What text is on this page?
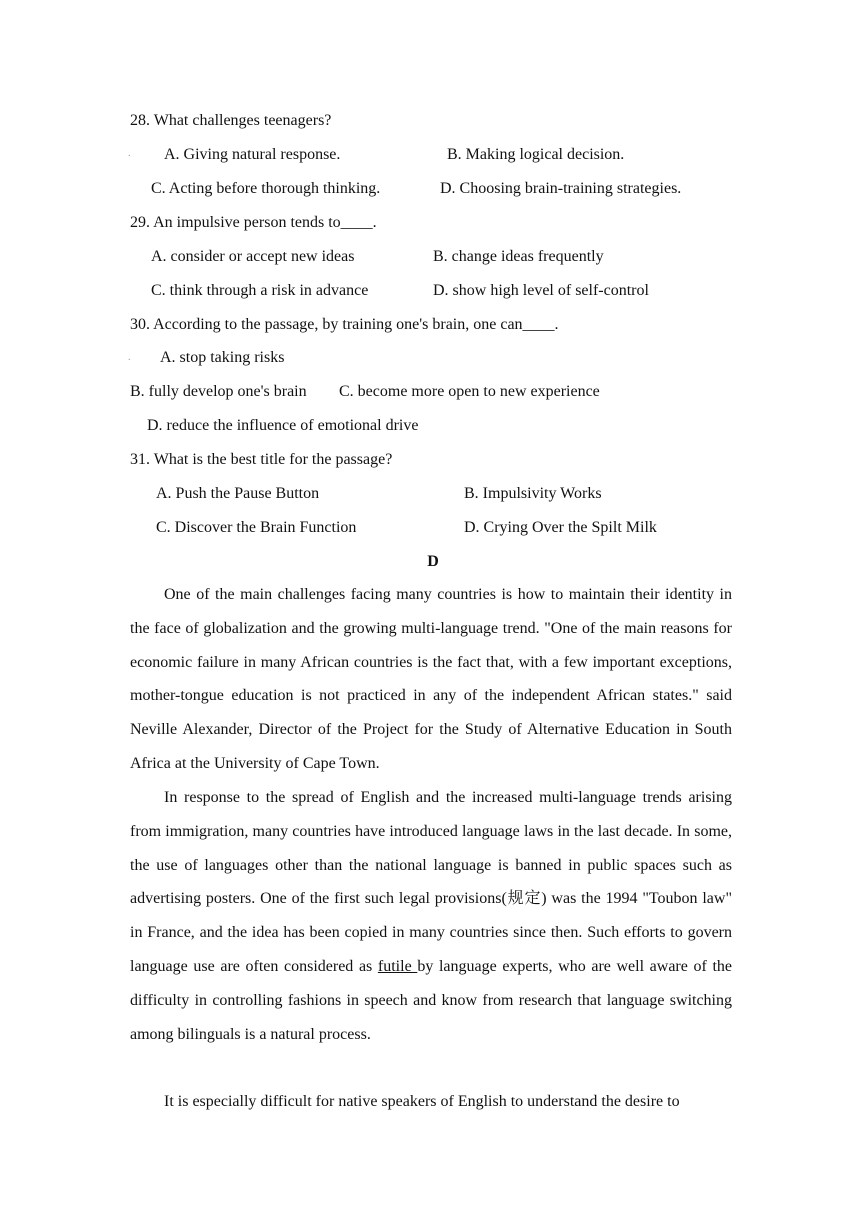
28. What challenges teenagers?
. A. Giving natural response.	B. Making logical decision.
C. Acting before thorough thinking.	D. Choosing brain-training strategies.
29. An impulsive person tends to____.
A. consider or accept new ideas	B. change ideas frequently
C. think through a risk in advance	D. show high level of self-control
30. According to the passage, by training one's brain, one can____.
. A. stop taking risks
B. fully develop one's brain C. become more open to new experience
D. reduce the influence of emotional drive
31. What is the best title for the passage?
A. Push the Pause Button	B. Impulsivity Works
C. Discover the Brain Function	D. Crying Over the Spilt Milk
D
One of the main challenges facing many countries is how to maintain their identity in the face of globalization and the growing multi-language trend. "One of the main reasons for economic failure in many African countries is the fact that, with a few important exceptions, mother-tongue education is not practiced in any of the independent African states." said Neville Alexander, Director of the Project for the Study of Alternative Education in South Africa at the University of Cape Town.
In response to the spread of English and the increased multi-language trends arising from immigration, many countries have introduced language laws in the last decade. In some, the use of languages other than the national language is banned in public spaces such as advertising posters. One of the first such legal provisions(规定) was the 1994 "Toubon law" in France, and the idea has been copied in many countries since then. Such efforts to govern language use are often considered as futile by language experts, who are well aware of the difficulty in controlling fashions in speech and know from research that language switching among bilinguals is a natural process.
It is especially difficult for native speakers of English to understand the desire to
